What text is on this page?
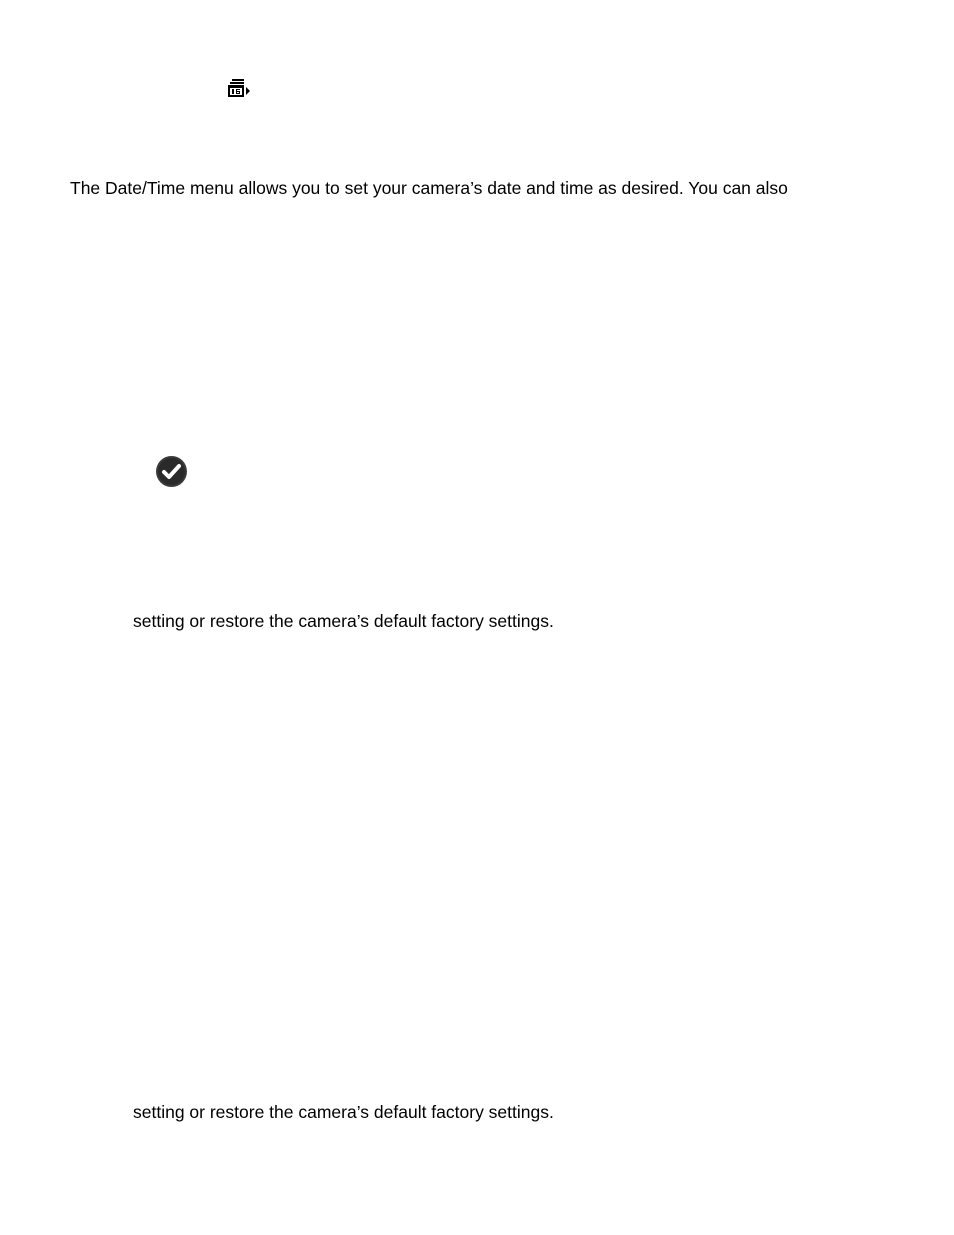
The Date/Time menu allows you to set your camera’s date and time as desired. You can also
setting or restore the camera’s default factory settings.
setting or restore the camera’s default factory settings.
